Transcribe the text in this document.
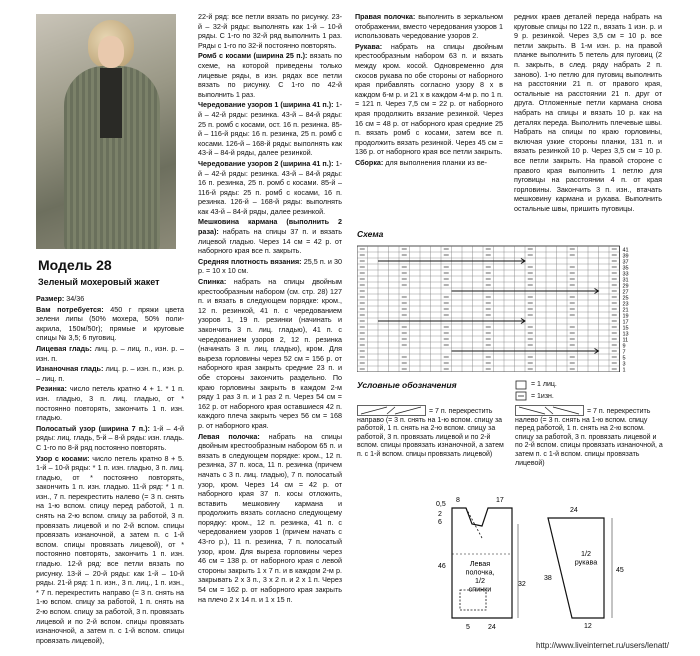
Модель 28
Зеленый мохеровый жакет

Размер: 34/36

Вам потребуется: 450 г пряжи цвета зелени липы (50% мохера, 50% поли-акрила, 150м/50г); прямые и круговые спицы № 3,5; 6 пуговиц.

Лицевая гладь: лиц. р. – лиц. п., изн. р. – изн. п.

Изнаночная гладь: лиц. р. – изн. п., изн. р. – лиц. п.

Резинка: число петель кратно 4 + 1. * 1 п. изн. гладью, 3 п. лиц. гладью, от * постоянно повторять, закончить 1 п. изн. гладью.

Полосатый узор (ширина 7 п.): 1-й – 4-й ряды: лиц. гладь, 5-й – 8-й ряды: изн. гладь. С 1-го по 8-й ряд постоянно повторять.

Узор с косами: число петель кратно 8 + 5. 1-й – 10-й ряды: * 1 п. изн. гладью, 3 п. лиц. гладью, от * постоянно повторять, закончить 1 п. изн. гладью. 11-й ряд: * 1 п. изн., 7 п. перекрестить налево (= 3 п. снять на 1-ю вспом. спицу перед работой, 1 п. снять на 2-ю вспом. спицу за работой, 3 п. провязать лицевой и по 2-й вспом. спицы провязать изнаночной, а затем п. с 1-й вспом. спицы провязать лицевой), от * постоянно повторять, закончить 1 п. изн. гладью. 12-й ряд: все петли вязать по рисунку. 13-й – 20-й ряды: как 1-й – 10-й ряды. 21-й ряд: 1 п. изн., 3 п. лиц., 1 п. изн., * 7 п. перекрестить направо (= 3 п. снять на 1-ю вспом. спицу за работой, 1 п. снять на 2-ю вспом. спицу за работой, 3 п. провязать лицевой и по 2-й вспом. спицы провязать изнаночной, а затем п. с 1-й вспом. спицы провязать лицевой),

22-й ряд: все петли вязать по рисунку. 23-й – 32-й ряды: выполнять как 1-й – 10-й ряды. С 1-го по 32-й ряд выполнить 1 раз. Ряды с 1-го по 32-й постоянно повторять.

Ромб с косами (ширина 25 п.): вязать по схеме, на которой приведены только лицевые ряды, в изн. рядах все петли вязать по рисунку. С 1-го по 42-й выполнить 1 раз.

Чередование узоров 1 (ширина 41 п.): 1-й – 42-й ряды: резинка. 43-й – 84-й ряды: 25 п. ромб с косами, ост. 16 п. резинка. 85-й – 116-й ряды: 16 п. резинка, 25 п. ромб с косами. 126-й – 168-й ряды: выполнять как 43-й – 84-й ряды, далее резинкой.

Чередование узоров 2 (ширина 41 п.): 1-й – 42-й ряды: резинка. 43-й – 84-й ряды: 16 п. резинка, 25 п. ромб с косами. 85-й – 116-й ряды: 25 п. ромб с косами, 16 п. резинка. 126-й – 168-й ряды: выполнять как 43-й – 84-й ряды, далее резинкой.

Мешковина кармана (выполнить 2 раза): набрать на спицы 37 п. и вязать лицевой гладью. Через 14 см = 42 р. от наборного края все п. закрыть.

Средняя плотность вязания: 25,5 п. и 30 р. = 10 х 10 см.

Спинка: набрать на спицы двойным крестообразным набором (см. стр. 28) 127 п. и вязать в следующем порядке: кром., 12 п. резинкой, 41 п. с чередованием узоров 1, 19 п. резинки (начинать и закончить 3 п. лиц. гладью), 41 п. с чередованием узоров 2, 12 п. резинка (начинать 3 п. лиц. гладью), кром. Для выреза горловины через 52 см = 156 р. от наборного края закрыть средние 23 п. и обе стороны закончить раздельно. По краю горловины закрыть в каждом 2-м ряду 1 раз 3 п. и 1 раз 2 п. Через 54 см = 162 р. от наборного края оставшиеся 42 п. каждого плеча закрыть через 56 см = 168 р. от наборного края.

Левая полочка: набрать на спицы двойным крестообразным набором 65 п. и вязать в следующем порядке: кром., 12 п. резинка, 37 п. коса, 11 п. резинка (причем начать с 3 п. лиц. гладью), 7 п. полосатый узор, кром. Через 14 см = 42 р. от наборного края 37 п. косы отложить, вставить мешковину кармана и продолжить вязать согласно следующему порядку: кром., 12 п. резинка, 41 п. с чередованием узоров 1 (причем начать с 43-го р.), 11 п. резинка, 7 п. полосатый узор, кром. Для выреза горловины через 46 см = 138 р. от наборного края с левой стороны закрыть 1 х 7 п. и в каждом 2-м р. закрывать 2 х 3 п., 3 х 2 п. и 2 х 1 п. Через 54 см = 162 р. от наборного края закрыть на плечо 2 х 14 п. и 1 х 15 п.

Правая полочка: выполнить в зеркальном отображении, вместо чередования узоров 1 использовать чередование узоров 2.

Рукава: набрать на спицы двойным крестообразным набором 63 п. и вязать между кром. косой. Одновременно для скосов рукава по обе стороны от наборного края прибавлять согласно узору 8 х в каждом 6-м р. и 21 х в каждом 4-м р. по 1 п. = 121 п. Через 7,5 см = 22 р. от наборного края продолжить вязание резинкой. Через 16 см = 48 р. от наборного края средние 25 п. вязать ромб с косами, затем все п. продолжить вязать резинкой. Через 45 см = 136 р. от наборного края все петли закрыть.

Сборка: для выполнения планки из ве-

Схема
41
39
37
35
33
31
29
27
25
23
21
19
17
15
13
11
9
7
5
3
1
Условные обозначения	= 1 лиц.
= 1изн.
= 7 п. перекрестить направо (= 3 п. снять на 1-ю вспом. спицу за работой, 1 п. снять на 2-ю вспом. спицу за работой, 3 п. провязать лицевой и по 2-й вспом. спицы провязать изнаночной, а затем п. с 1-й вспом. спицы провязать лицевой)
= 7 п. перекрестить налево (= 3 п. снять на 1-ю вспом. спицу перед работой, 1 п. снять на 2-ю вспом. спицу за работой, 3 п. провязать лицевой и по 2-й вспом. спицы провязать изнаночной, а затем п. с 1-й вспом. спицы провязать лицевой)

редних краев деталей переда набрать на круговые спицы по 122 п., вязать 1 изн. р. и 9 р. резинкой. Через 3,5 см = 10 р. все петли закрыть. В 1-м изн. р. на правой планке выполнить 5 петель для пуговиц (2 п. закрыть, в след. ряду набрать 2 п. заново). 1-ю петлю для пуговиц выполнить на расстоянии 21 п. от правого края, остальные на расстоянии 21 п. друг от друга. Отложенные петли кармана снова набрать на спицы и вязать 10 р. как на деталях переда. Выполнить плечевые швы. Набрать на спицы по краю горловины, включая узкие стороны планки, 131 п. и вязать резинкой 10 р. Через 3,5 см = 10 р. все петли закрыть. На правой стороне с правого края выполнить 1 петлю для пуговицы на расстоянии 4 п. от края горловины. Закончить 3 п. изн., втачать мешковину кармана и рукава. Выполнить остальные швы, пришить пуговицы.

Левая полочка, 1/2 спинки
0,5
8	17
2
6
46
32
5	24
1/2 рукава
24
45
38
12
http://www.liveinternet.ru/users/lenatt/
